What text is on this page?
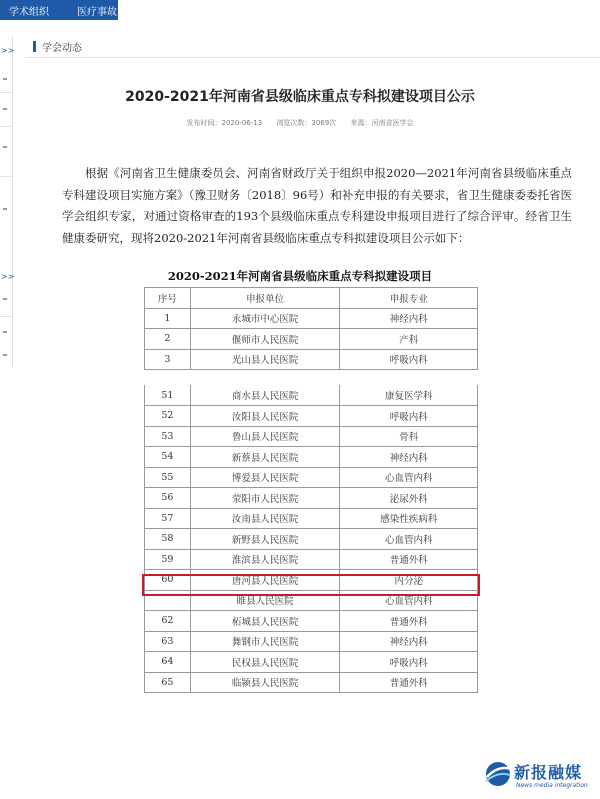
学术组织	医疗事故
>>
>>
学会动态
2020-2021年河南省县级临床重点专科拟建设项目公示
发布时间：2020-06-13 浏览次数：3069次 来源：河南省医学会

根据《河南省卫生健康委员会、河南省财政厅关于组织申报2020—2021年河南省县级临床重点专科建设项目实施方案》（豫卫财务〔2018〕96号）和补充申报的有关要求，省卫生健康委委托省医学会组织专家，对通过资格审查的193个县级临床重点专科建设申报项目进行了综合评审。经省卫生健康委研究，现将2020-2021年河南省县级临床重点专科拟建设项目公示如下：

2020-2021年河南省县级临床重点专科拟建设项目
序号	申报单位	申报专业
1	永城市中心医院	神经内科
2	偃师市人民医院	产科
3	光山县人民医院	呼吸内科
51	商水县人民医院	康复医学科
52	汝阳县人民医院	呼吸内科
53	鲁山县人民医院	骨科
54	新蔡县人民医院	神经内科
55	博爱县人民医院	心血管内科
56	荥阳市人民医院	泌尿外科
57	汝南县人民医院	感染性疾病科
58	新野县人民医院	心血管内科
59	淮滨县人民医院	普通外科
60	唐河县人民医院	内分泌
	睢县人民医院	心血管内科
62	柘城县人民医院	普通外科
63	舞钢市人民医院	神经内科
64	民权县人民医院	呼吸内科
65	临颍县人民医院	普通外科
新报融媒
News media integration
